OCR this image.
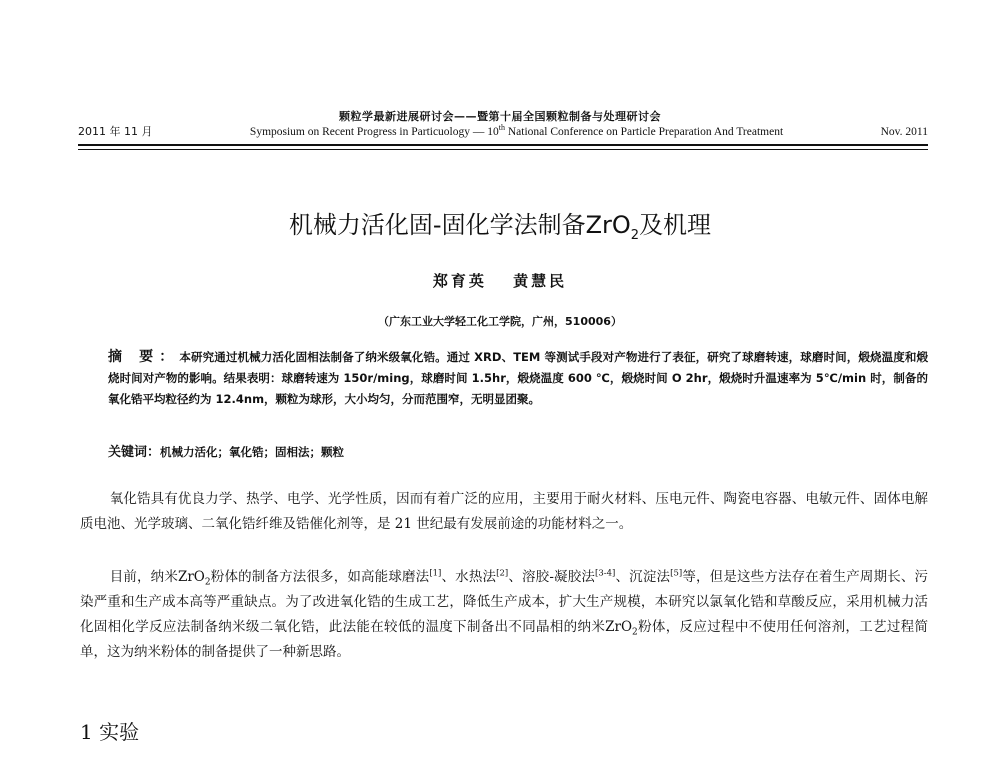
颗粒学最新进展研讨会——暨第十届全国颗粒制备与处理研讨会
2011 年 11 月	Symposium on Recent Progress in Particuology — 10th National Conference on Particle Preparation And Treatment	Nov. 2011
机械力活化固-固化学法制备ZrO$_2$及机理
郑育英 黄慧民
（广东工业大学轻工化工学院，广州，510006）
摘 要：本研究通过机械力活化固相法制备了纳米级氧化锆。通过 XRD、TEM 等测试手段对产物进行了表征，研究了球磨转速，球磨时间，煅烧温度和煅烧时间对产物的影响。结果表明：球磨转速为 150r/ming，球磨时间 1.5hr，煅烧温度 600 ℃，煅烧时间 O 2hr，煅烧时升温速率为 5℃/min 时，制备的氧化锆平均粒径约为 12.4nm，颗粒为球形，大小均匀，分而范围窄，无明显团聚。
关键词：机械力活化；氧化锆；固相法；颗粒

氧化锆具有优良力学、热学、电学、光学性质，因而有着广泛的应用，主要用于耐火材料、压电元件、陶瓷电容器、电敏元件、固体电解质电池、光学玻璃、二氧化锆纤维及锆催化剂等，是 21 世纪最有发展前途的功能材料之一。

目前，纳米ZrO$_2$粉体的制备方法很多，如高能球磨法[1]、水热法[2]、溶胶-凝胶法[3-4]、沉淀法[5]等，但是这些方法存在着生产周期长、污染严重和生产成本高等严重缺点。为了改进氧化锆的生成工艺，降低生产成本，扩大生产规模，本研究以氯氧化锆和草酸反应，采用机械力活化固相化学反应法制备纳米级二氧化锆，此法能在较低的温度下制备出不同晶相的纳米ZrO$_2$粉体，反应过程中不使用任何溶剂，工艺过程简单，这为纳米粉体的制备提供了一种新思路。

1 实验
